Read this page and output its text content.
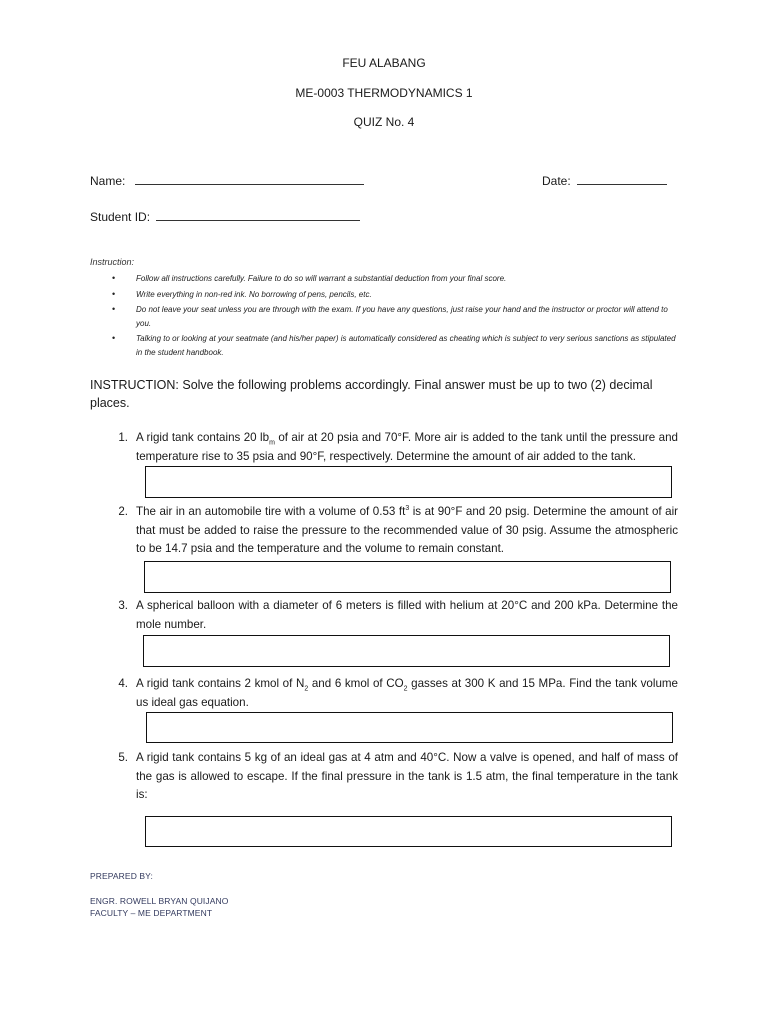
FEU ALABANG
ME-0003 THERMODYNAMICS 1
QUIZ No. 4
Name:	Date:
Student ID:
Instruction:
•	Follow all instructions carefully. Failure to do so will warrant a substantial deduction from your final score.
•	Write everything in non-red ink. No borrowing of pens, pencils, etc.
•	Do not leave your seat unless you are through with the exam. If you have any questions, just raise your hand and the instructor or proctor will attend to you.
•	Talking to or looking at your seatmate (and his/her paper) is automatically considered as cheating which is subject to very serious sanctions as stipulated in the student handbook.
INSTRUCTION: Solve the following problems accordingly. Final answer must be up to two (2) decimal places.
1. A rigid tank contains 20 $lb_m$ of air at 20 psia and 70°F. More air is added to the tank until the pressure and temperature rise to 35 psia and 90°F, respectively. Determine the amount of air added to the tank.
2. The air in an automobile tire with a volume of 0.53 $ft^3$ is at 90°F and 20 psig. Determine the amount of air that must be added to raise the pressure to the recommended value of 30 psig. Assume the atmospheric to be 14.7 psia and the temperature and the volume to remain constant.
3. A spherical balloon with a diameter of 6 meters is filled with helium at 20°C and 200 kPa. Determine the mole number.
4. A rigid tank contains 2 kmol of $N_2$ and 6 kmol of $CO_2$ gasses at 300 K and 15 MPa. Find the tank volume us ideal gas equation.
5. A rigid tank contains 5 kg of an ideal gas at 4 atm and 40°C. Now a valve is opened, and half of mass of the gas is allowed to escape. If the final pressure in the tank is 1.5 atm, the final temperature in the tank is:
PREPARED BY:
ENGR. ROWELL BRYAN QUIJANO
FACULTY – ME DEPARTMENT
